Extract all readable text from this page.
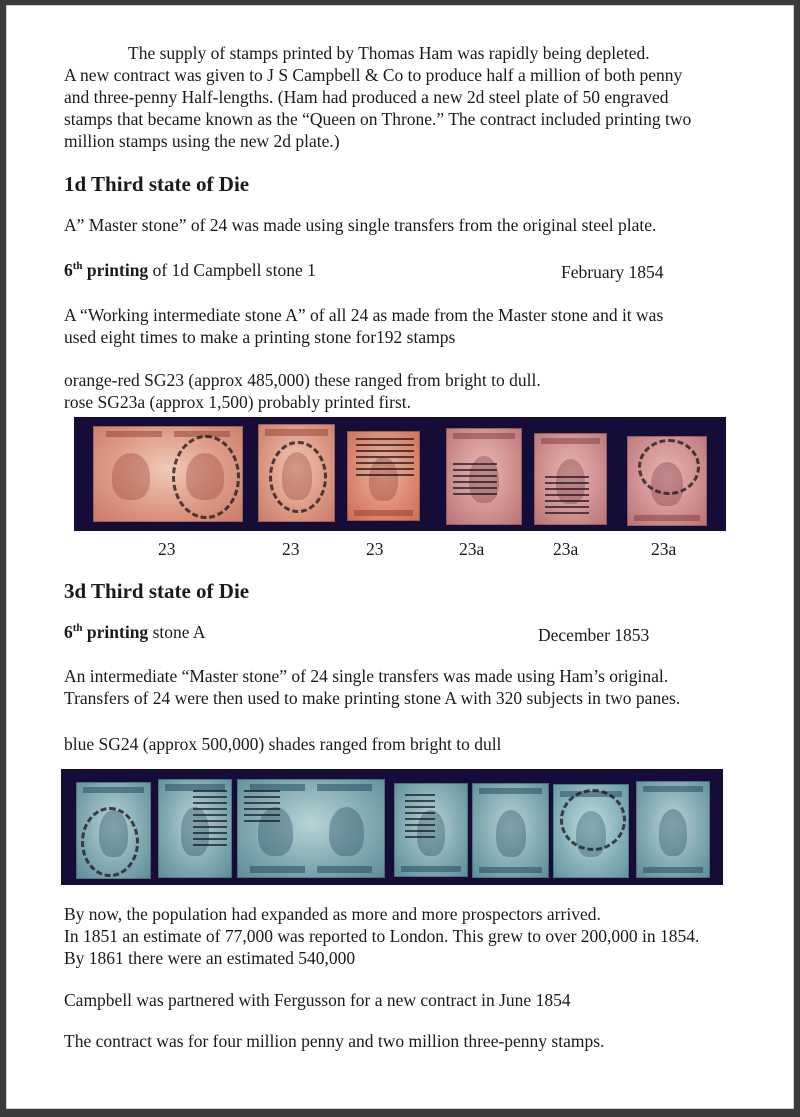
The supply of stamps printed by Thomas Ham was rapidly being depleted.
A new contract was given to J S Campbell & Co to produce half a million of both penny
and three-penny Half-lengths. (Ham had produced a new 2d steel plate of 50 engraved
stamps that became known as the “Queen on Throne.” The contract included printing two
million stamps using the new 2d plate.)

1d Third state of Die

A” Master stone” of 24 was made using single transfers from the original steel plate.

6th printing of 1d Campbell stone 1	February 1854

A “Working intermediate stone A” of all 24 as made from the Master stone and it was
used eight times to make a printing stone for192 stamps

orange-red SG23 (approx 485,000) these ranged from bright to dull.
rose SG23a (approx 1,500) probably printed first.

23	23	23	23a	23a	23a
3d Third state of Die

6th printing stone A	December 1853

An intermediate “Master stone” of 24 single transfers was made using Ham’s original.
Transfers of 24 were then used to make printing stone A with 320 subjects in two panes.

blue SG24 (approx 500,000) shades ranged from bright to dull

By now, the population had expanded as more and more prospectors arrived.
In 1851 an estimate of 77,000 was reported to London. This grew to over 200,000 in 1854.
By 1861 there were an estimated 540,000

Campbell was partnered with Fergusson for a new contract in June 1854

The contract was for four million penny and two million three-penny stamps.
